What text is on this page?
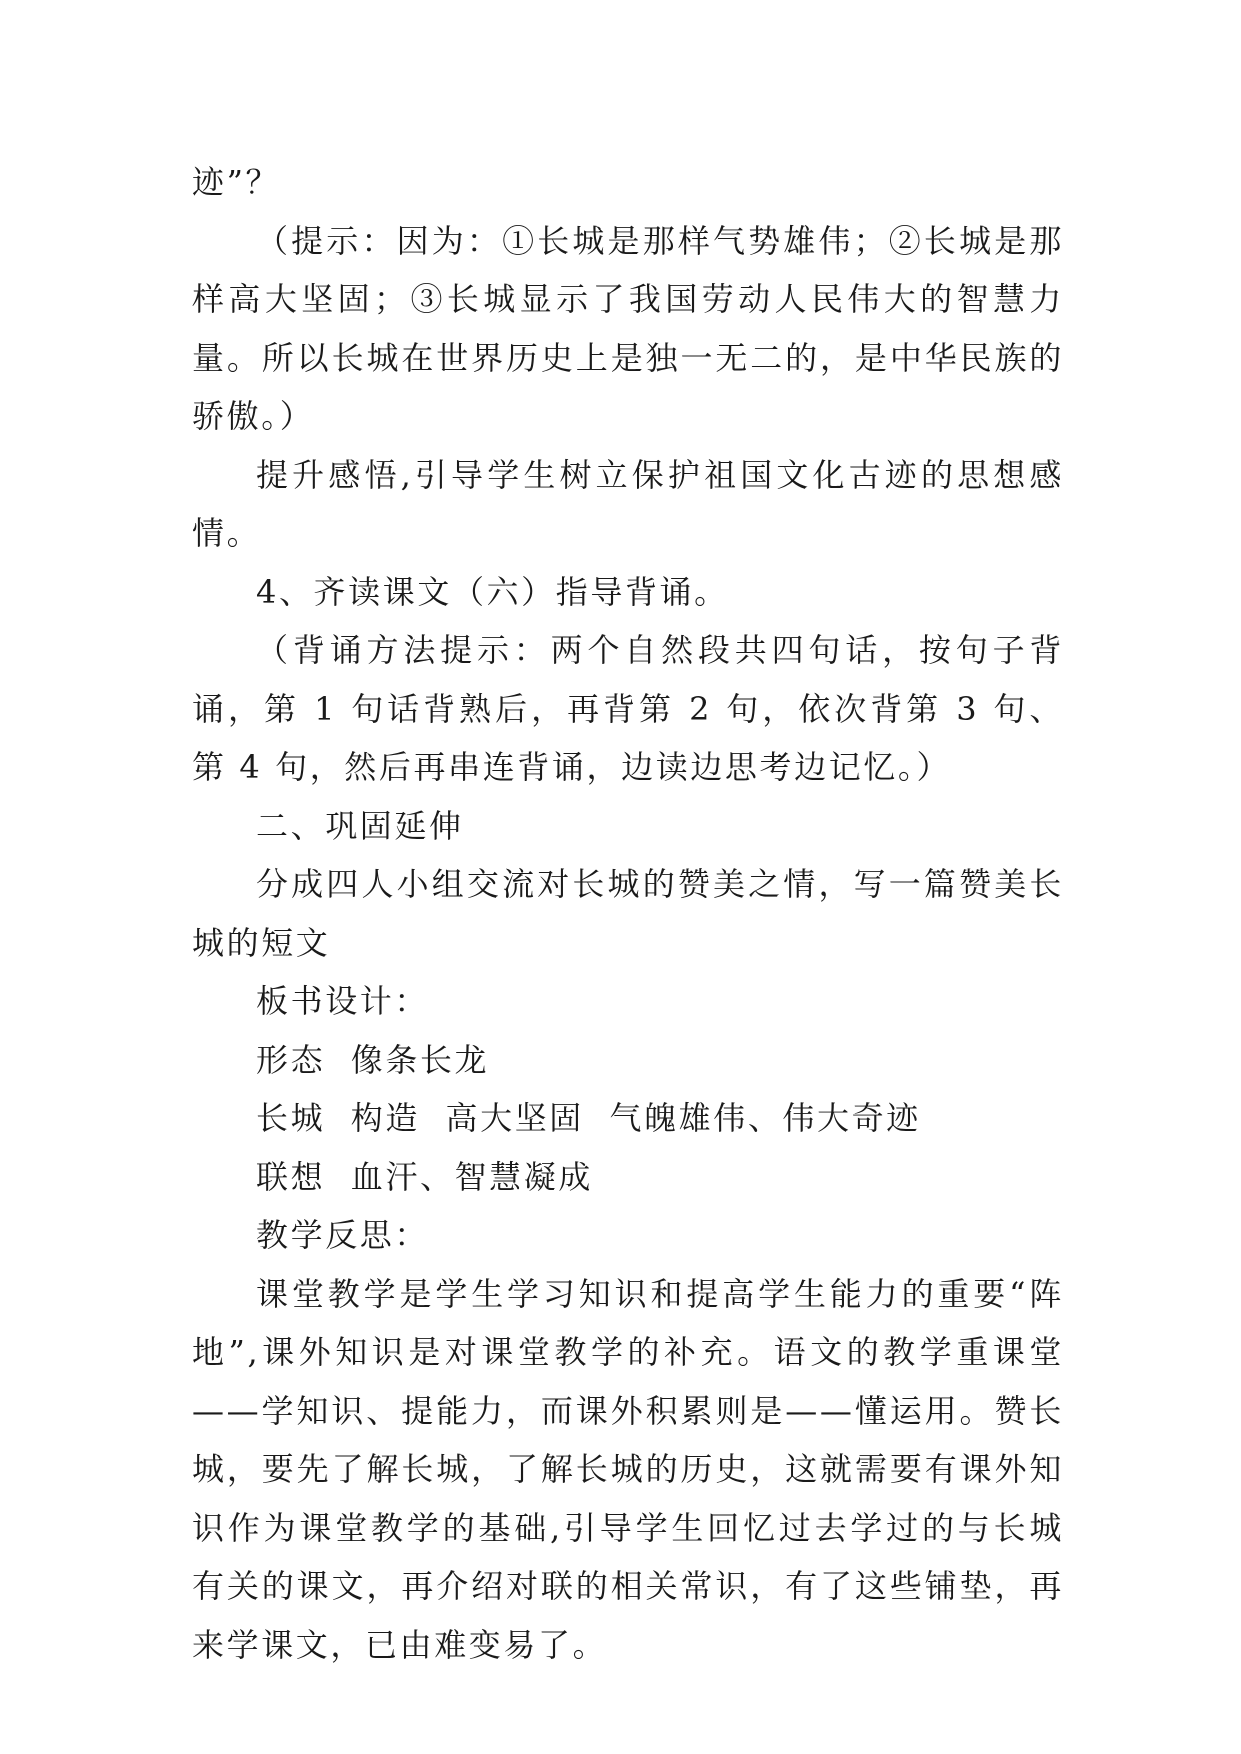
迹”？

（提示：因为：①长城是那样气势雄伟；②长城是那样高大坚固；③长城显示了我国劳动人民伟大的智慧力量。所以长城在世界历史上是独一无二的，是中华民族的骄傲。）

提升感悟,引导学生树立保护祖国文化古迹的思想感情。

4、齐读课文（六）指导背诵。

（背诵方法提示：两个自然段共四句话，按句子背诵，第 1 句话背熟后，再背第 2 句，依次背第 3 句、第 4 句，然后再串连背诵，边读边思考边记忆。）

二、巩固延伸

分成四人小组交流对长城的赞美之情，写一篇赞美长城的短文

板书设计：

形态  像条长龙

长城  构造  高大坚固  气魄雄伟、伟大奇迹

联想  血汗、智慧凝成

教学反思：

课堂教学是学生学习知识和提高学生能力的重要“阵地”,课外知识是对课堂教学的补充。语文的教学重课堂——学知识、提能力，而课外积累则是——懂运用。赞长城，要先了解长城，了解长城的历史，这就需要有课外知识作为课堂教学的基础,引导学生回忆过去学过的与长城有关的课文，再介绍对联的相关常识，有了这些铺垫，再来学课文，已由难变易了。
